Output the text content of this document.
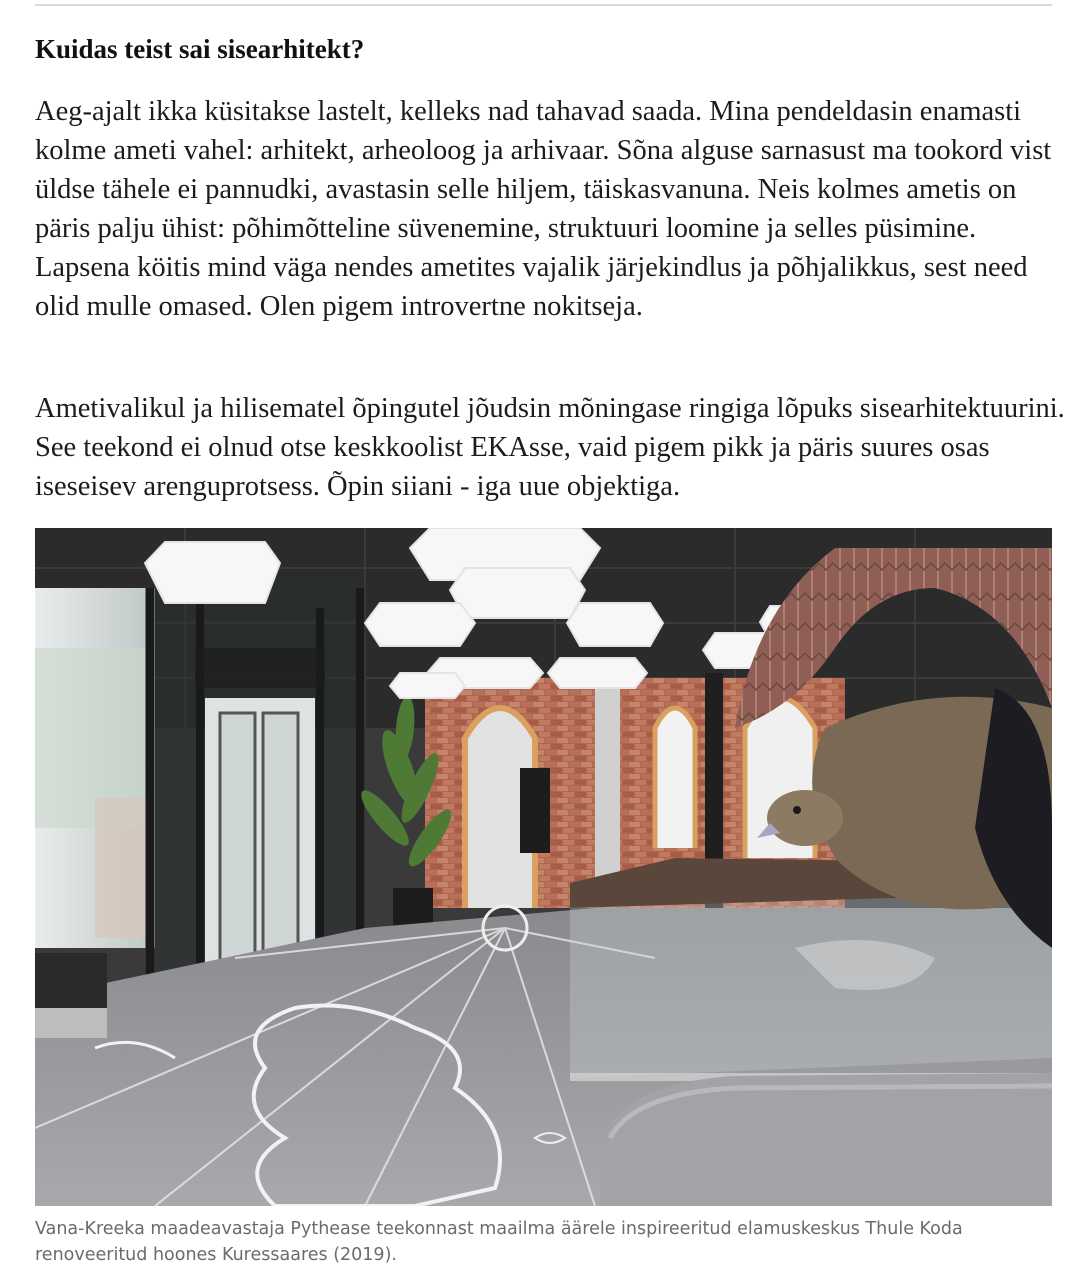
Kuidas teist sai sisearhitekt?

Aeg-ajalt ikka küsitakse lastelt, kelleks nad tahavad saada. Mina pendeldasin enamasti kolme ameti vahel: arhitekt, arheoloog ja arhivaar. Sõna alguse sarnasust ma tookord vist üldse tähele ei pannudki, avastasin selle hiljem, täiskasvanuna. Neis kolmes ametis on päris palju ühist: põhimõtteline süvenemine, struktuuri loomine ja selles püsimine. Lapsena köitis mind väga nendes ametites vajalik järjekindlus ja põhjalikkus, sest need olid mulle omased. Olen pigem introvertne nokitseja.

Ametivalikul ja hilisematel õpingutel jõudsin mõningase ringiga lõpuks sisearhitektuurini. See teekond ei olnud otse keskkoolist EKAsse, vaid pigem pikk ja päris suures osas iseseisev arenguprotsess. Õpin siiani - iga uue objektiga.

Vana-Kreeka maadeavastaja Pythease teekonnast maailma äärele inspireeritud elamuskeskus Thule Koda renoveeritud hoones Kuressaares (2019).
